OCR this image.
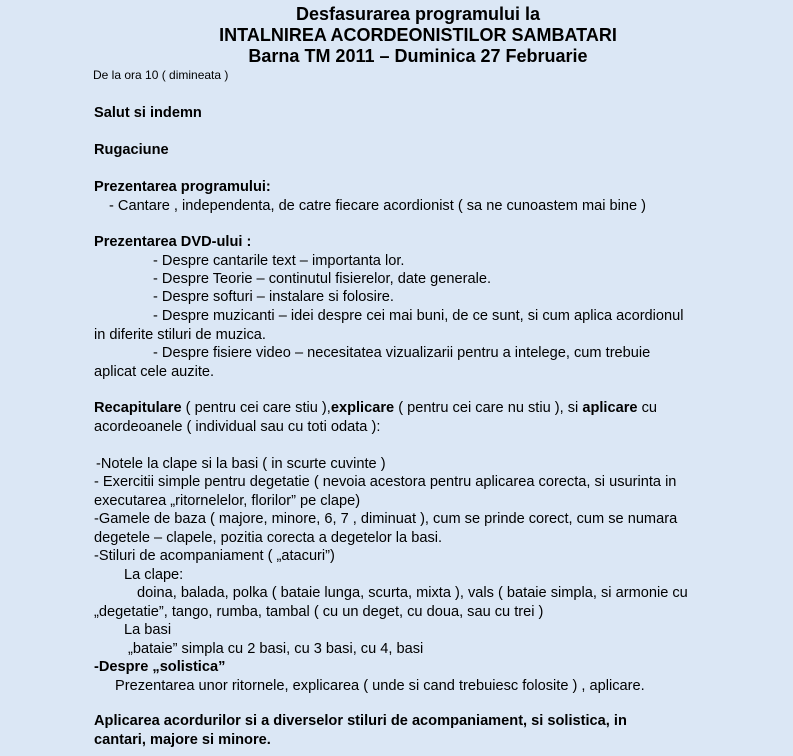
Desfasurarea programului la

INTALNIREA ACORDEONISTILOR SAMBATARI

Barna TM 2011 – Duminica 27 Februarie

De la ora 10 ( dimineata )
Salut si indemn
Rugaciune
Prezentarea programului:
- Cantare , independenta, de catre fiecare acordionist ( sa ne cunoastem mai bine )
Prezentarea DVD-ului :
- Despre cantarile text – importanta lor.
- Despre Teorie – continutul fisierelor, date generale.
- Despre softuri – instalare si folosire.
- Despre muzicanti – idei despre cei mai buni, de ce sunt, si cum aplica acordionul
in diferite stiluri de muzica.
- Despre fisiere video – necesitatea vizualizarii pentru a intelege, cum trebuie
aplicat cele auzite.
Recapitulare ( pentru cei care stiu ),explicare ( pentru cei care nu stiu ), si aplicare cu
acordeoanele ( individual sau cu toti odata ):
-Notele la clape si la basi ( in scurte cuvinte )
- Exercitii simple pentru degetatie ( nevoia acestora pentru aplicarea corecta, si usurinta in
executarea „ritornelelor, florilor” pe clape)
-Gamele de baza ( majore, minore, 6, 7 , diminuat ), cum se prinde corect, cum se numara
degetele – clapele, pozitia corecta a degetelor la basi.
-Stiluri de acompaniament ( „atacuri”)
La clape:
doina, balada, polka ( bataie lunga, scurta, mixta ), vals ( bataie simpla, si armonie cu
„degetatie”, tango, rumba, tambal ( cu un deget, cu doua, sau cu trei )
La basi
„bataie” simpla cu 2 basi, cu 3 basi, cu 4, basi
-Despre „solistica”
Prezentarea unor ritornele, explicarea ( unde si cand trebuiesc folosite ) , aplicare.
Aplicarea acordurilor si a diverselor stiluri de acompaniament, si solistica, in
cantari, majore si minore.
